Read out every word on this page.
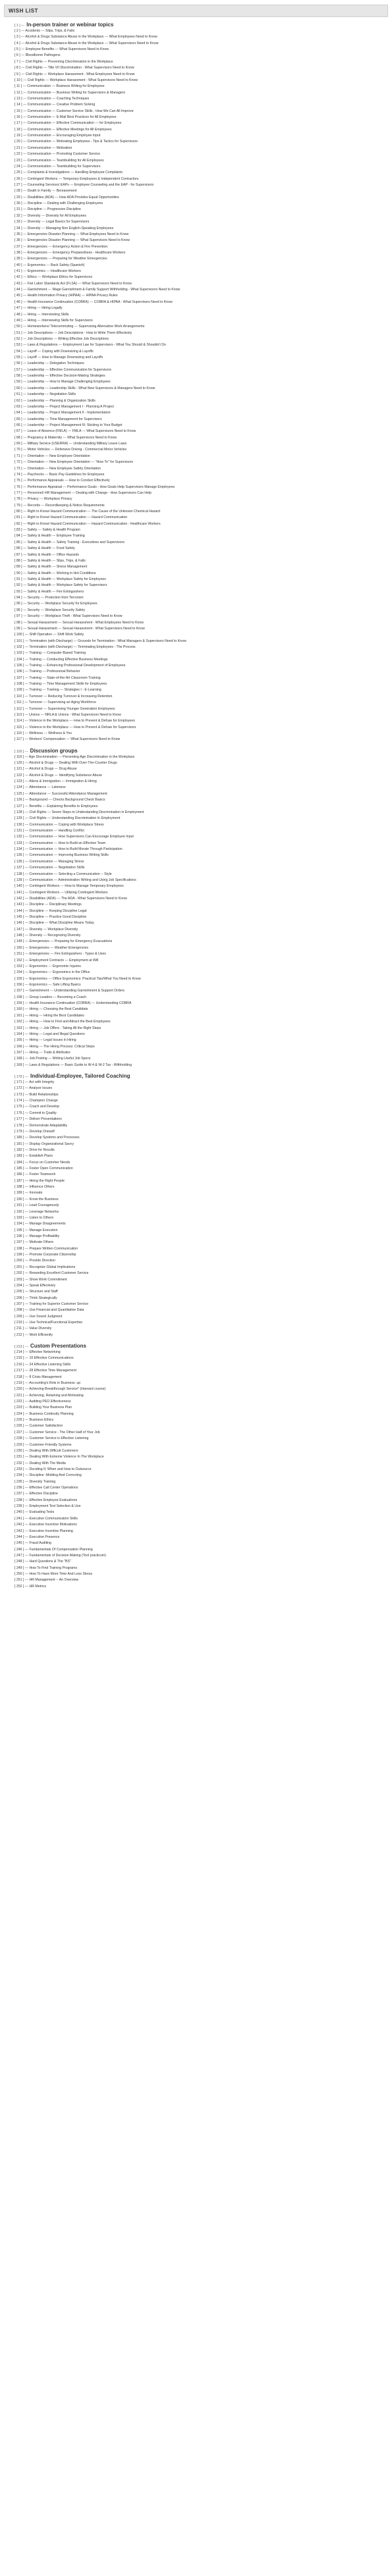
WISH LIST
[ 1 ] --- In-person trainer or webinar topics
[ 2 ] --- Accidents --- Slips, Trips, & Falls
[ 3 ] --- Alcohol & Drugs Substance Abuse in the Workplace --- What Employees Need to Know
[ 4 ] --- Alcohol & Drugs Substance Abuse in the Workplace --- What Supervisors Need to Know
[ 5 ] --- Employee Benefits --- What Supervisors Need to Know
[ 6 ] --- Bloodborne Pathogens
[ 7 ] --- Civil Rights --- Preventing Discrimination in the Workplace
[ 8 ] --- Civil Rights --- Title VII Discrimination - What Supervisors Need to Know
[ 9 ] --- Civil Rights --- Workplace Harassment - What Employees Need to Know
[ 10 ] --- Civil Rights --- Workplace Harassment - What Supervisors Need to Know
[ 11 ] --- Communication --- Business Writing for Employees
[ 12 ] --- Communication --- Business Writing for Supervisors & Managers
[ 13 ] --- Communication --- Coaching Techniques
[ 14 ] --- Communication --- Creative Problem Solving
[ 15 ] --- Communication --- Customer Service Skills - How We Can All Improve
[ 16 ] --- Communication --- E-Mail Best Practices for All Employees
[ 17 ] --- Communication --- Effective Communication --- for Employees
[ 18 ] --- Communication --- Effective Meetings for All Employees
[ 19 ] --- Communication --- Encouraging Employee Input
[ 20 ] --- Communication --- Motivating Employees - Tips & Tactics for Supervisors
[ 21 ] --- Communication --- Motivation
[ 22 ] --- Communication --- Promoting Customer Service
[ 23 ] --- Communication --- Teambuilding for All Employees
[ 24 ] --- Communication --- Teambuilding for Supervisors
[ 25 ] --- Complaints & Investigations --- Handling Employee Complaints
[ 26 ] --- Contingent Workers --- Temporary Employees & Independent Contractors
[ 27 ] --- Counseling Services/ EAPs --- Employee Counseling and the EAP - for Supervisors
[ 28 ] --- Death in Family --- Bereavement
[ 29 ] --- Disabilities (ADA) --- How ADA Provides Equal Opportunities
[ 30 ] --- Discipline --- Dealing with Challenging Employees
[ 31 ] --- Discipline --- Progressive Discipline
[ 32 ] --- Diversity --- Diversity for All Employees
[ 33 ] --- Diversity --- Legal Basics for Supervisors
[ 34 ] --- Diversity --- Managing Non English-Speaking Employees
[ 35 ] --- Emergencies Disaster Planning --- What Employees Need to Know
[ 36 ] --- Emergencies Disaster Planning --- What Supervisors Need to Know
[ 37 ] --- Emergencies --- Emergency Action & Fire Prevention
[ 38 ] --- Emergencies --- Emergency Preparedness - Healthcare Workers
[ 39 ] --- Emergencies --- Preparing for Weather Emergencies
[ 40 ] --- Ergonomics --- Back Safety (Spanish)
[ 41 ] --- Ergonomics --- Healthcare Workers
[ 42 ] --- Ethics --- Workplace Ethics for Supervisors
[ 43 ] --- Fair Labor Standards Act (FLSA) --- What Supervisors Need to Know
[ 44 ] --- Garnishment --- Wage Garnishment & Family Support Withholding - What Supervisors Need to Know
[ 45 ] --- Health Information Privacy (HIPAA) --- HIPAA Privacy Rules
[ 46 ] --- Health Insurance Continuation (COBRA) --- COBRA & HIPAA - What Supervisors Need to Know
[ 47 ] --- Hiring --- Hiring Legally
[ 48 ] --- Hiring --- Interviewing Skills
[ 49 ] --- Hiring --- Interviewing Skills for Supervisors
[ 50 ] --- Homeworkers/ Telecommuting --- Supervising Alternative Work Arrangements
[ 51 ] --- Job Descriptions --- Job Descriptions - How to Write Them Effectively
[ 52 ] --- Job Descriptions --- Writing Effective Job Descriptions
[ 53 ] --- Laws & Regulations --- Employment Law for Supervisors - What You Should & Shouldn't Do
[ 54 ] --- Layoff --- Coping with Downsizing & Layoffs
[ 55 ] --- Layoff --- How to Manage Downsizing and Layoffs
[ 56 ] --- Leadership --- Delegation Techniques
[ 57 ] --- Leadership --- Effective Communication for Supervisors
[ 58 ] --- Leadership --- Effective Decision-Making Strategies
[ 59 ] --- Leadership --- How to Manage Challenging Employees
[ 60 ] --- Leadership --- Leadership Skills - What New Supervisors & Managers Need to Know
[ 61 ] --- Leadership --- Negotiation Skills
[ 62 ] --- Leadership --- Planning & Organization Skills
[ 63 ] --- Leadership --- Project Management I - Planning A Project
[ 64 ] --- Leadership --- Project Management II - Implementation
[ 65 ] --- Leadership --- Time Management for Supervisors
[ 66 ] --- Leadership --- Project Management III: Sticking to Your Budget
[ 67 ] --- Leave of Absence (FMLA) --- FMLA --- What Supervisors Need to Know
[ 68 ] --- Pregnancy & Maternity --- What Supervisors Need to Know
[ 69 ] --- Military Service (USERRA) --- Understanding Military Leave Laws
[ 70 ] --- Motor Vehicles --- Defensive Driving - Commercial Motor Vehicles
[ 71 ] --- Orientation --- New Employee Orientation
[ 72 ] --- Orientation --- New Employee Orientation --- "How To" for Supervisors
[ 73 ] --- Orientation --- New Employee Safety Orientation
[ 74 ] --- Paychecks --- Basic Pay Guidelines for Employees
[ 75 ] --- Performance Appraisals --- How to Conduct Effectively
[ 76 ] --- Performance Appraisal --- Performance Goals - How Goals Help Supervisors Manage Employees
[ 77 ] --- Personnel/ HR Management --- Dealing with Change - How Supervisors Can Help
[ 78 ] --- Privacy --- Workplace Privacy
[ 79 ] --- Records --- Recordkeeping & Notice Requirements
[ 80 ] --- Right to Know/ Hazard Communication --- The Cause of the Unknown Chemical Hazard
[ 81 ] --- Right to Know/ Hazard Communication --- Hazard Communication
[ 82 ] --- Right to Know/ Hazard Communication --- Hazard Communication - Healthcare Workers
[ 83 ] --- Safety --- Safety & Health Program
[ 84 ] --- Safety & Health --- Employee Training
[ 85 ] --- Safety & Health --- Safety Training - Executives and Supervisors
[ 86 ] --- Safety & Health --- Food Safety
[ 87 ] --- Safety & Health --- Office Hazards
[ 88 ] --- Safety & Health --- Slips, Trips, & Falls
[ 89 ] --- Safety & Health --- Stress Management
[ 90 ] --- Safety & Health --- Working in Hot Conditions
[ 91 ] --- Safety & Health --- Workplace Safety for Employees
[ 92 ] --- Safety & Health --- Workplace Safety for Supervisors
[ 93 ] --- Safety & Health --- Fire Extinguishers
[ 94 ] --- Security --- Protection from Terrorism
[ 95 ] --- Security --- Workplace Security for Employees
[ 96 ] --- Security --- Workplace Security Safety
[ 97 ] --- Security --- Workplace Theft - What Supervisors Need to Know
[ 98 ] --- Sexual Harassment --- Sexual Harassment - What Employees Need to Know
[ 99 ] --- Sexual Harassment --- Sexual Harassment - What Supervisors Need to Know
[ 100 ] --- Shift Operation --- Shift Work Safety
[ 101 ] --- Termination (with Discharge) --- Grounds for Termination - What Managers & Supervisors Need to Know
[ 102 ] --- Termination (with Discharge) --- Terminating Employees - The Process
[ 103 ] --- Training --- Computer-Based Training
[ 104 ] --- Training --- Conducting Effective Business Meetings
[ 105 ] --- Training --- Enhancing Professional Development of Employees
[ 106 ] --- Training --- Professional Behavior
[ 107 ] --- Training --- State-of-the-Art Classroom Training
[ 108 ] --- Training --- Time Management Skills for Employees
[ 109 ] --- Training --- Training --- Strategies I - E-Learning
[ 110 ] --- Turnover --- Reducing Turnover & Increasing Retention
[ 111 ] --- Turnover --- Supervising an Aging Workforce
[ 112 ] --- Turnover --- Supervising Younger Generation Employees
[ 113 ] --- Unions --- NRLA & Unions - What Supervisors Need to Know
[ 114 ] --- Violence in the Workplace --- How to Prevent & Defuse for Employees
[ 115 ] --- Violence in the Workplace --- How to Prevent & Defuse for Supervisors
[ 116 ] --- Wellness --- Wellness & You
[ 117 ] --- Workers' Compensation --- What Supervisors Need to Know
[ 118 ] --- Discussion groups
[ 119 ] --- Age Discrimination --- Preventing Age Discrimination in the Workplace
[ 120 ] --- Alcohol & Drugs --- Dealing With Over-The-Counter Drugs
[ 121 ] --- Alcohol & Drugs --- Drug Abuse
[ 122 ] --- Alcohol & Drugs --- Identifying Substance Abuse
[ 123 ] --- Aliens & Immigration --- Immigration & Hiring
[ 124 ] --- Attendance --- Lateness
[ 125 ] --- Attendance --- Successful Attendance Management
[ 126 ] --- Background --- Checks Background Check Basics
[ 127 ] --- Benefits --- Explaining Benefits to Employees
[ 128 ] --- Civil Rights --- Seven Steps to Understanding Discrimination in Employment
[ 129 ] --- Civil Rights --- Understanding Discrimination In Employment
[ 130 ] --- Communication --- Coping with Workplace Stress
[ 131 ] --- Communication --- Handling Conflict
[ 132 ] --- Communication --- How Supervisors Can Encourage Employee Input
[ 133 ] --- Communication --- How to Build an Effective Team
[ 134 ] --- Communication --- How to Build Morale Through Participation
[ 135 ] --- Communication --- Improving Business Writing Skills
[ 136 ] --- Communication --- Managing Stress
[ 137 ] --- Communication --- Negotiation Skills
[ 138 ] --- Communication --- Selecting a Communication -- Style
[ 139 ] --- Communication --- Administration Writing and Using Job Specifications
[ 140 ] --- Contingent Workers --- How to Manage Temporary Employees
[ 141 ] --- Contingent Workers --- Utilizing Contingent Workers
[ 142 ] --- Disabilities (ADA) --- The ADA - What Supervisors Need to Know
[ 143 ] --- Discipline --- Disciplinary Meetings
[ 144 ] --- Discipline --- Keeping Discipline Legal
[ 145 ] --- Discipline --- Practice Good Discipline
[ 146 ] --- Discipline --- What Discipline Means Today
[ 147 ] --- Diversity --- Workplace Diversity
[ 148 ] --- Diversity --- Recognizing Diversity
[ 149 ] --- Emergencies --- Preparing for Emergency Evacuations
[ 150 ] --- Emergencies --- Weather Emergencies
[ 151 ] --- Emergencies --- Fire Extinguishers - Types & Uses
[ 152 ] --- Employment Contracts --- Employment at Will
[ 153 ] --- Ergonomics --- Ergonomic Injuries
[ 154 ] --- Ergonomics --- Ergonomics in the Office
[ 155 ] --- Ergonomics --- Office Ergonomics: Practical Tips/What You Need to Know
[ 156 ] --- Ergonomics --- Safe Lifting Basics
[ 157 ] --- Garnishment --- Understanding Garnishment & Support Orders
[ 158 ] --- Group Leaders --- Becoming a Coach
[ 159 ] --- Health Insurance Continuation (COBRA) --- Understanding COBRA
[ 160 ] --- Hiring --- Choosing the Best Candidate
[ 161 ] --- Hiring --- Hiring the Best Candidates
[ 162 ] --- Hiring --- How to Find and Attract the Best Employees
[ 163 ] --- Hiring --- Job Offers - Taking All the Right Steps
[ 164 ] --- Hiring --- Legal and Illegal Questions
[ 165 ] --- Hiring --- Legal Issues in Hiring
[ 166 ] --- Hiring --- The Hiring Process: Critical Steps
[ 167 ] --- Hiring --- Traits & Attributes
[ 168 ] --- Job Posting --- Writing Useful Job Specs
[ 169 ] --- Laws & Regulations --- Basic Guide to W-4 & W-2 Tax - Withholding
[ 170 ] --- Individual-Employee, Tailored Coaching
[ 171 ] --- Act with Integrity
[ 172 ] --- Analyze Issues
[ 173 ] --- Build Relationships
[ 174 ] --- Champion Change
[ 175 ] --- Coach and Develop
[ 176 ] --- Commit to Quality
[ 177 ] --- Deliver Presentations
[ 178 ] --- Demonstrate Adaptability
[ 179 ] --- Develop Oneself
[ 180 ] --- Develop Systems and Processes
[ 181 ] --- Display Organizational Savvy
[ 182 ] --- Drive for Results
[ 183 ] --- Establish Plans
[ 184 ] --- Focus on Customer Needs
[ 185 ] --- Foster Open Communication
[ 186 ] --- Foster Teamwork
[ 187 ] --- Hiring the Right People
[ 188 ] --- Influence Others
[ 189 ] --- Innovate
[ 190 ] --- Know the Business
[ 191 ] --- Lead Courageously
[ 192 ] --- Leverage Networks
[ 193 ] --- Listen to Others
[ 194 ] --- Manage Disagreements
[ 195 ] --- Manage Execution
[ 196 ] --- Manage Profitability
[ 197 ] --- Motivate Others
[ 198 ] --- Prepare Written Communication
[ 199 ] --- Promote Corporate Citizenship
[ 200 ] --- Provide Direction
[ 201 ] --- Recognize Global Implications
[ 202 ] --- Rewarding Excellent Customer Service
[ 203 ] --- Show Work Commitment
[ 204 ] --- Speak Effectively
[ 205 ] --- Structure and Staff
[ 206 ] --- Think Strategically
[ 207 ] --- Training for Superior Customer Service
[ 208 ] --- Use Financial and Quantitative Data
[ 209 ] --- Use Sound Judgment
[ 210 ] --- Use Technical/Functional Expertise
[ 211 ] --- Value Diversity
[ 212 ] --- Work Efficiently
[ 213 ] --- Custom Presentations
[ 214 ] --- Effective Networking
[ 215 ] --- 10 Effective Communications
[ 216 ] --- 24 Effective Listening Skills
[ 217 ] --- 28 Effective Time Management
[ 218 ] --- 8 Crisis Management
[ 219 ] --- Accounting's Role in Business: up
[ 220 ] --- Achieving Breakthrough Service* (Harvard course)
[ 221 ] --- Achieving, Retaining and Motivating
[ 222 ] --- Auditing PEO Effectiveness
[ 223 ] --- Building Your Business Plan
[ 224 ] --- Business Continuity Planning
[ 225 ] --- Business Ethics
[ 226 ] --- Customer Satisfaction
[ 227 ] --- Customer Service - The Other Half of Your Job
[ 228 ] --- Customer Service is Effective Listening
[ 229 ] --- Customer-Friendly Systems
[ 230 ] --- Dealing With Difficult Customers
[ 231 ] --- Dealing With Extreme Violence In The Workplace
[ 232 ] --- Dealing With The Media
[ 233 ] --- Deciding If, When and How to Outsource
[ 234 ] --- Discipline -Molding And Correcting
[ 235 ] --- Diversity Training
[ 236 ] --- Effective Call Center Operations
[ 237 ] --- Effective Discipline
[ 238 ] --- Effective Employee Evaluations
[ 239 ] --- Employment Test Selection & Use
[ 240 ] --- Evaluating Tests
[ 241 ] --- Executive Communication Skills
[ 242 ] --- Executive Incentive Motivations
[ 243 ] --- Executive Incentive Planning
[ 244 ] --- Executive Presence
[ 245 ] --- Fraud Auditing
[ 246 ] --- Fundamentals Of Compensation Planning
[ 247 ] --- Fundamentals of Decision Making (Tool practicum)
[ 248 ] --- Hard Questions & The "BS"
[ 249 ] --- How To Find Training Programs
[ 250 ] --- How To Have More Time And Less Stress
[ 251 ] --- HR Management -- An Overview
[ 252 ] --- HR Metrics
